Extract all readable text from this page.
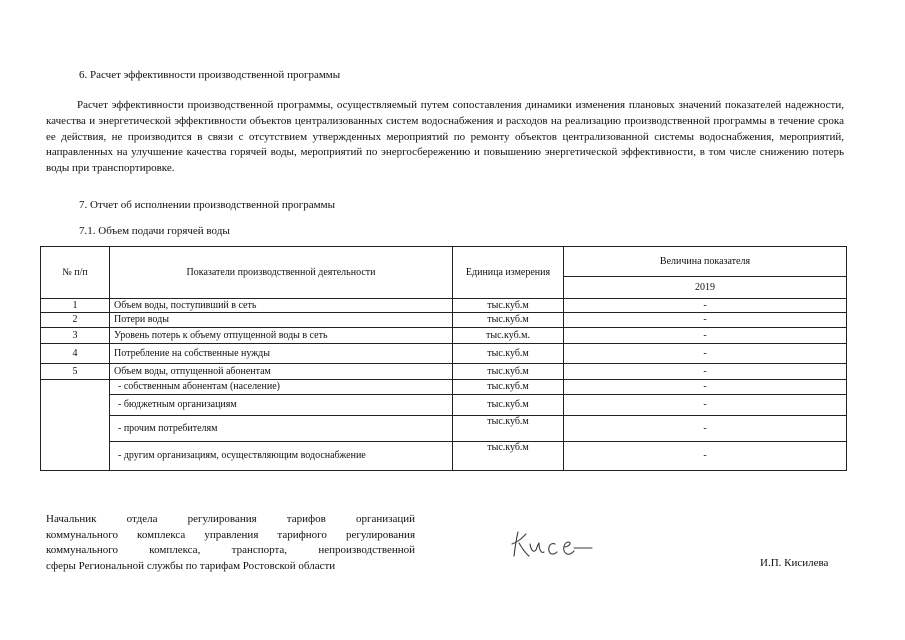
6. Расчет эффективности производственной программы
Расчет эффективности производственной программы, осуществляемый путем сопоставления динамики изменения плановых значений показателей надежности, качества и энергетической эффективности объектов централизованных систем водоснабжения и расходов на реализацию производственной программы в течение срока ее действия, не производится в связи с отсутствием утвержденных мероприятий по ремонту объектов централизованной системы водоснабжения, мероприятий, направленных на улучшение качества горячей воды, мероприятий по энергосбережению и повышению энергетической эффективности, в том числе снижению потерь воды при транспортировке.
7. Отчет об исполнении производственной программы
7.1. Объем подачи горячей воды
№ п/п	Показатели производственной деятельности	Единица измерения	Величина показателя
			2019
1	Объем воды, поступивший в сеть	тыс.куб.м	-
2	Потери воды	тыс.куб.м	-
3	Уровень потерь к объему отпущенной воды в сеть	тыс.куб.м.	-
4	Потребление на собственные нужды	тыс.куб.м	-
5	Объем воды, отпущенной абонентам	тыс.куб.м	-
	- собственным абонентам (население)	тыс.куб.м	-
	- бюджетным организациям	тыс.куб.м	-
	- прочим потребителям	тыс.куб.м	-
	- другим организациям, осуществляющим водоснабжение	тыс.куб.м	-
Начальник отдела регулирования тарифов организаций
коммунального комплекса управления тарифного регулирования
коммунального комплекса, транспорта, непроизводственной
сферы Региональной службы по тарифам Ростовской области	И.П. Кисилева
